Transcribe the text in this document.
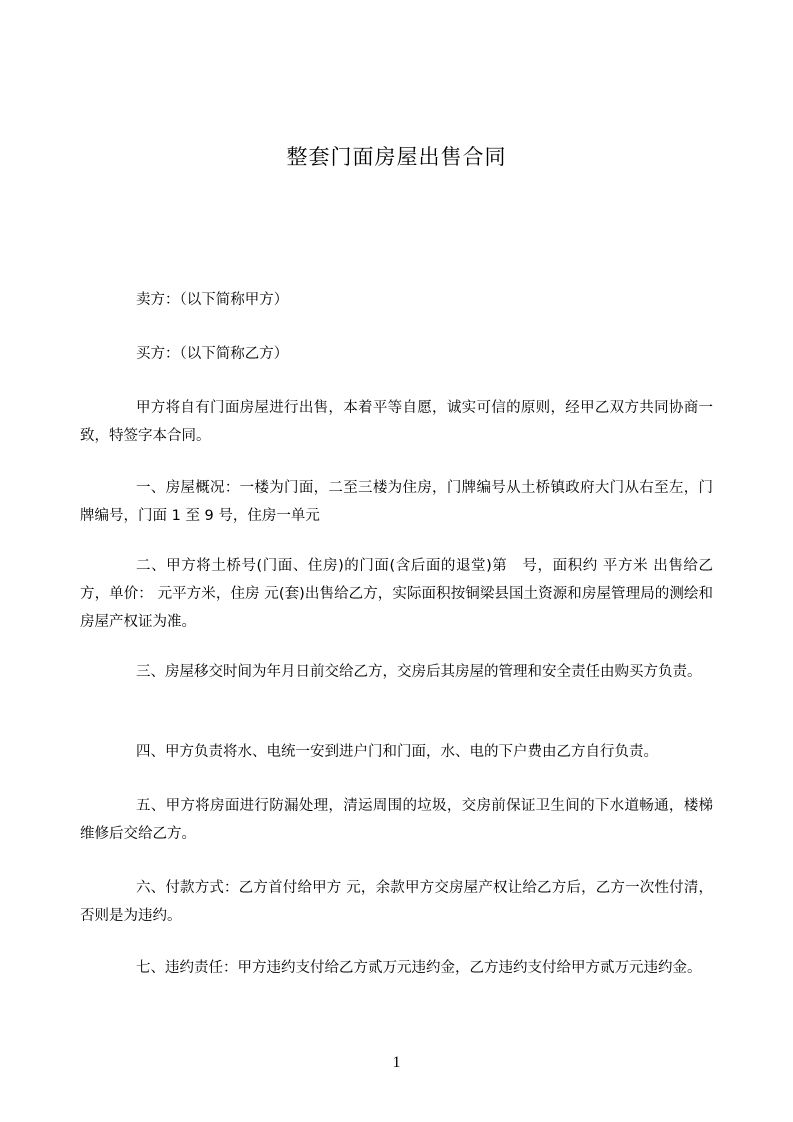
整套门面房屋出售合同
卖方：（以下简称甲方）
买方：（以下简称乙方）
甲方将自有门面房屋进行出售，本着平等自愿，诚实可信的原则，经甲乙双方共同协商一致，特签字本合同。
一、房屋概况：一楼为门面，二至三楼为住房，门牌编号从土桥镇政府大门从右至左，门牌编号，门面 1 至 9 号，住房一单元
二、甲方将土桥号(门面、住房)的门面(含后面的退堂)第　号，面积约 平方米 出售给乙方，单价： 元平方米，住房 元(套)出售给乙方，实际面积按铜梁县国土资源和房屋管理局的测绘和房屋产权证为准。
三、房屋移交时间为年月日前交给乙方，交房后其房屋的管理和安全责任由购买方负责。
四、甲方负责将水、电统一安到进户门和门面，水、电的下户费由乙方自行负责。
五、甲方将房面进行防漏处理，清运周围的垃圾，交房前保证卫生间的下水道畅通，楼梯维修后交给乙方。
六、付款方式：乙方首付给甲方 元，余款甲方交房屋产权让给乙方后，乙方一次性付清，否则是为违约。
七、违约责任：甲方违约支付给乙方贰万元违约金，乙方违约支付给甲方贰万元违约金。
1
